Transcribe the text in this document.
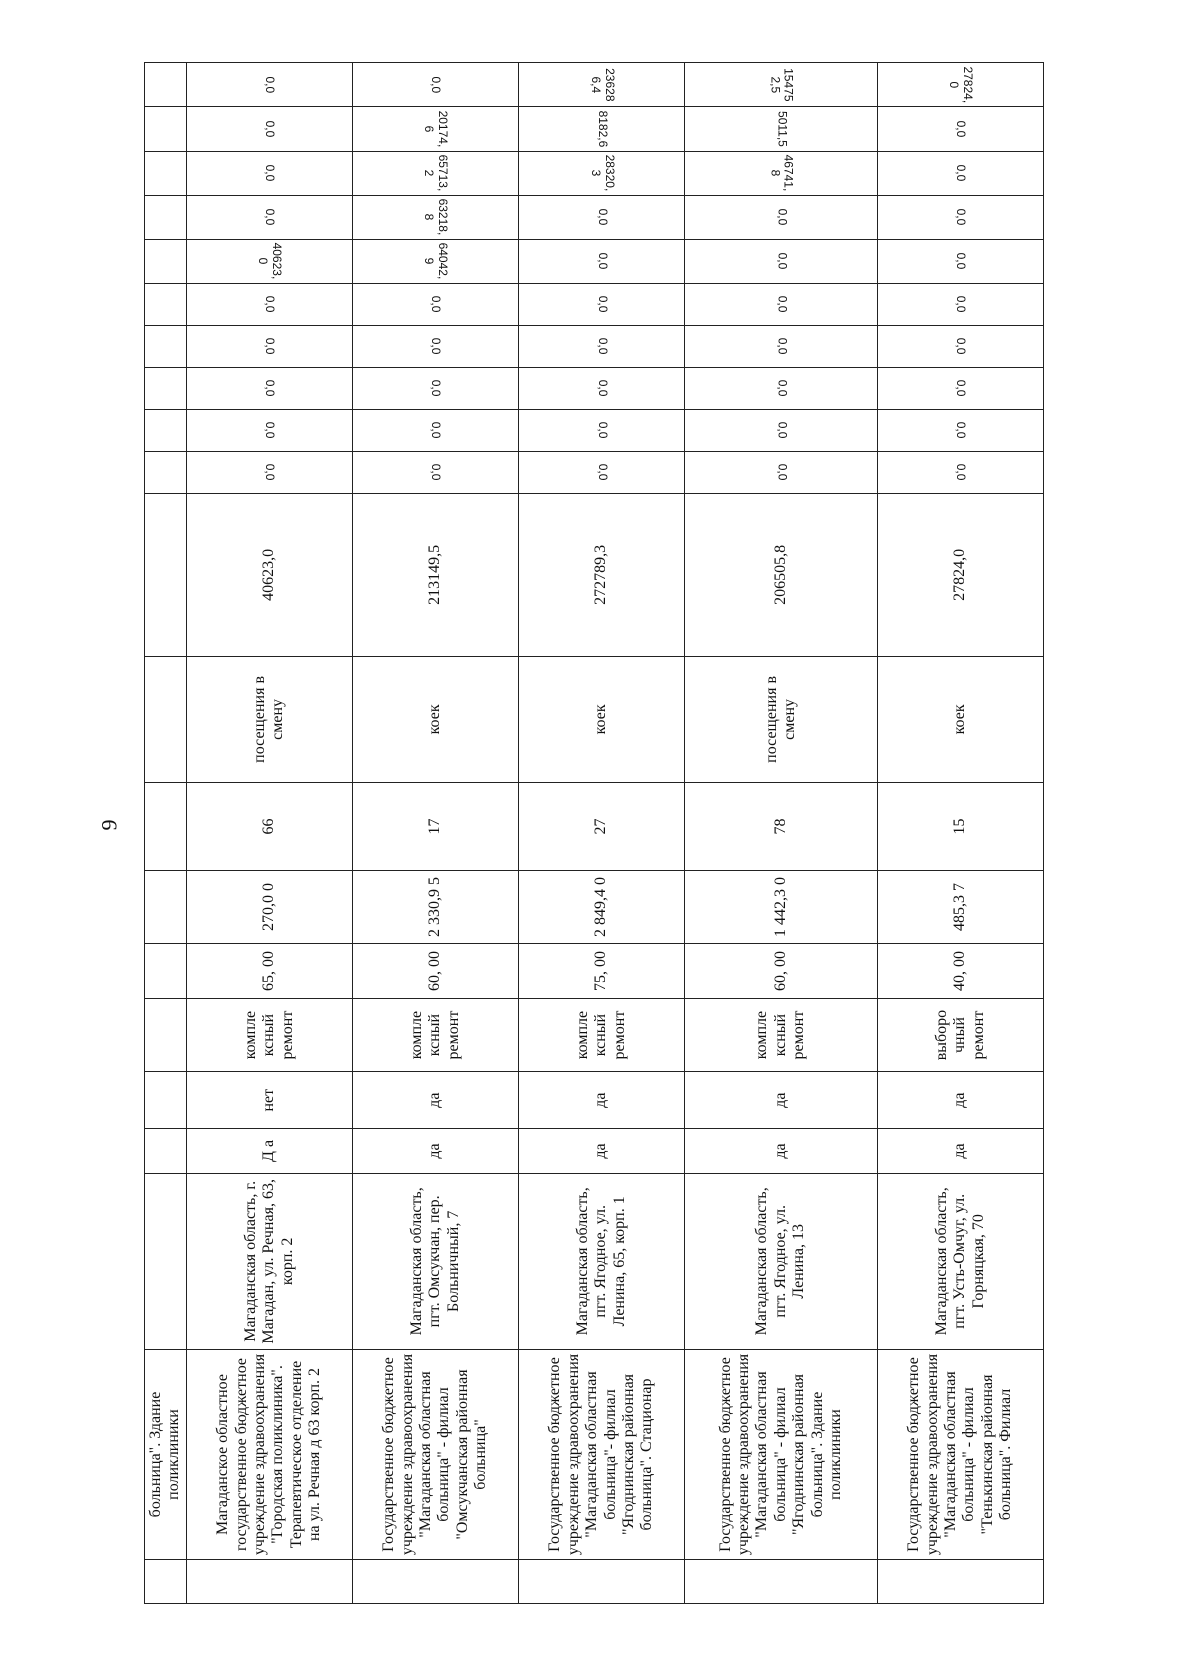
9
	больница". Здание поликлиники																			
	Магаданское областное государственное бюджетное учреждение здравоохранения "Городская поликлиника". Терапевтическое отделение на ул. Речная д 63 корп. 2	Магаданская область, г. Магадан, ул. Речная, 63, корп. 2	Д а	нет	компле ксный ремонт	65, 00	270,0 0	66	посещения в смену	40623,0	0,0	0,0	0,0	0,0	0,0	40623,0	0,0	0,0	0,0	0,0
	Государственное бюджетное учреждение здравоохранения "Магаданская областная больница" - филиал "Омсукчанская районная больница"	Магаданская область, пгт. Омсукчан, пер. Больничный, 7	да	да	компле ксный ремонт	60, 00	2 330,9 5	17	коек	213149,5	0,0	0,0	0,0	0,0	0,0	64042,9	63218,8	65713,2	20174,6	0,0
	Государственное бюджетное учреждение здравоохранения "Магаданская областная больница"- филиал "Ягоднинская районная больница". Стационар	Магаданская область, пгт. Ягодное, ул. Ленина, 65, корп. 1	да	да	компле ксный ремонт	75, 00	2 849,4 0	27	коек	272789,3	0,0	0,0	0,0	0,0	0,0	0,0	0,0	28320,3	8182,6	236286,4
	Государственное бюджетное учреждение здравоохранения "Магаданская областная больница" - филиал "Ягоднинская районная больница". Здание поликлиники	Магаданская область, пгт. Ягодное, ул. Ленина, 13	да	да	компле ксный ремонт	60, 00	1 442,3 0	78	посещения в смену	206505,8	0,0	0,0	0,0	0,0	0,0	0,0	0,0	46741,8	5011,5	154752,5
	Государственное бюджетное учреждение здравоохранения "Магаданская областная больница" - филиал "Тенькинская районная больница". Филиал	Магаданская область, пгт. Усть-Омчуг, ул. Горняцкая, 70	да	да	выборо чный ремонт	40, 00	485,3 7	15	коек	27824,0	0,0	0,0	0,0	0,0	0,0	0,0	0,0	0,0	0,0	27824,0
